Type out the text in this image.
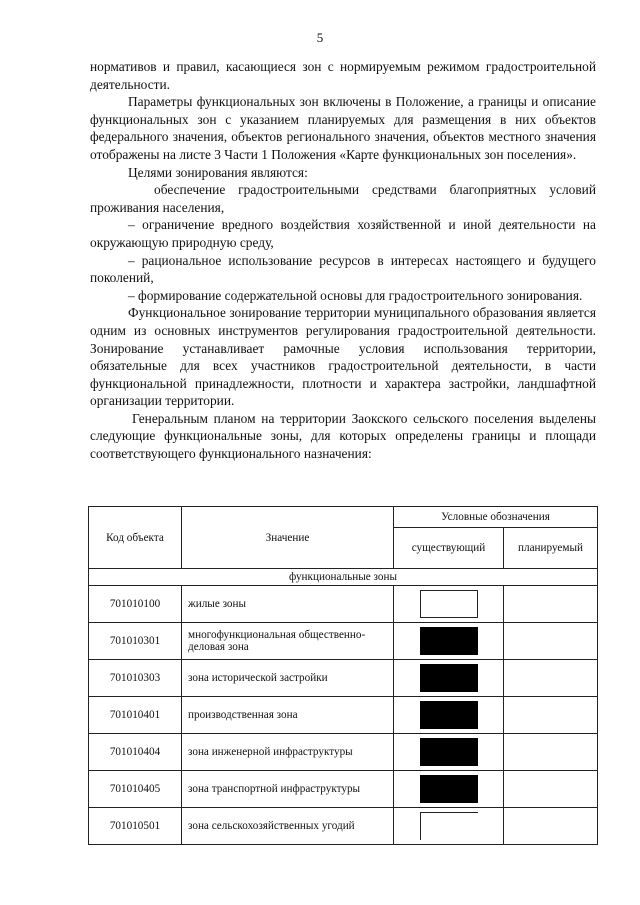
5

нормативов и правил, касающиеся зон с нормируемым режимом градостроительной деятельности.

Параметры функциональных зон включены в Положение, а границы и описание функциональных зон с указанием планируемых для размещения в них объектов федерального значения, объектов регионального значения, объектов местного значения отображены на листе 3 Части 1 Положения «Карте функциональных зон поселения».

Целями зонирования являются:

обеспечение градостроительными средствами благоприятных условий проживания населения,

– ограничение вредного воздействия хозяйственной и иной деятельности на окружающую природную среду,

– рациональное использование ресурсов в интересах настоящего и будущего поколений,

– формирование содержательной основы для градостроительного зонирования.

Функциональное зонирование территории муниципального образования является одним из основных инструментов регулирования градостроительной деятельности. Зонирование устанавливает рамочные условия использования территории, обязательные для всех участников градостроительной деятельности, в части функциональной принадлежности, плотности и характера застройки, ландшафтной организации территории.

Генеральным планом на территории Заокского сельского поселения выделены следующие функциональные зоны, для которых определены границы и площади соответствующего функционального назначения:

Код объекта	Значение	Условные обозначения	
		существующий	планируемый
функциональные зоны			
701010100	жилые зоны	

701010301	многофункциональная общественно-деловая зона	

701010303	зона исторической застройки	

701010401	производственная зона	

701010404	зона инженерной инфраструктуры	

701010405	зона транспортной инфраструктуры	

701010501	зона сельскохозяйственных угодий	
